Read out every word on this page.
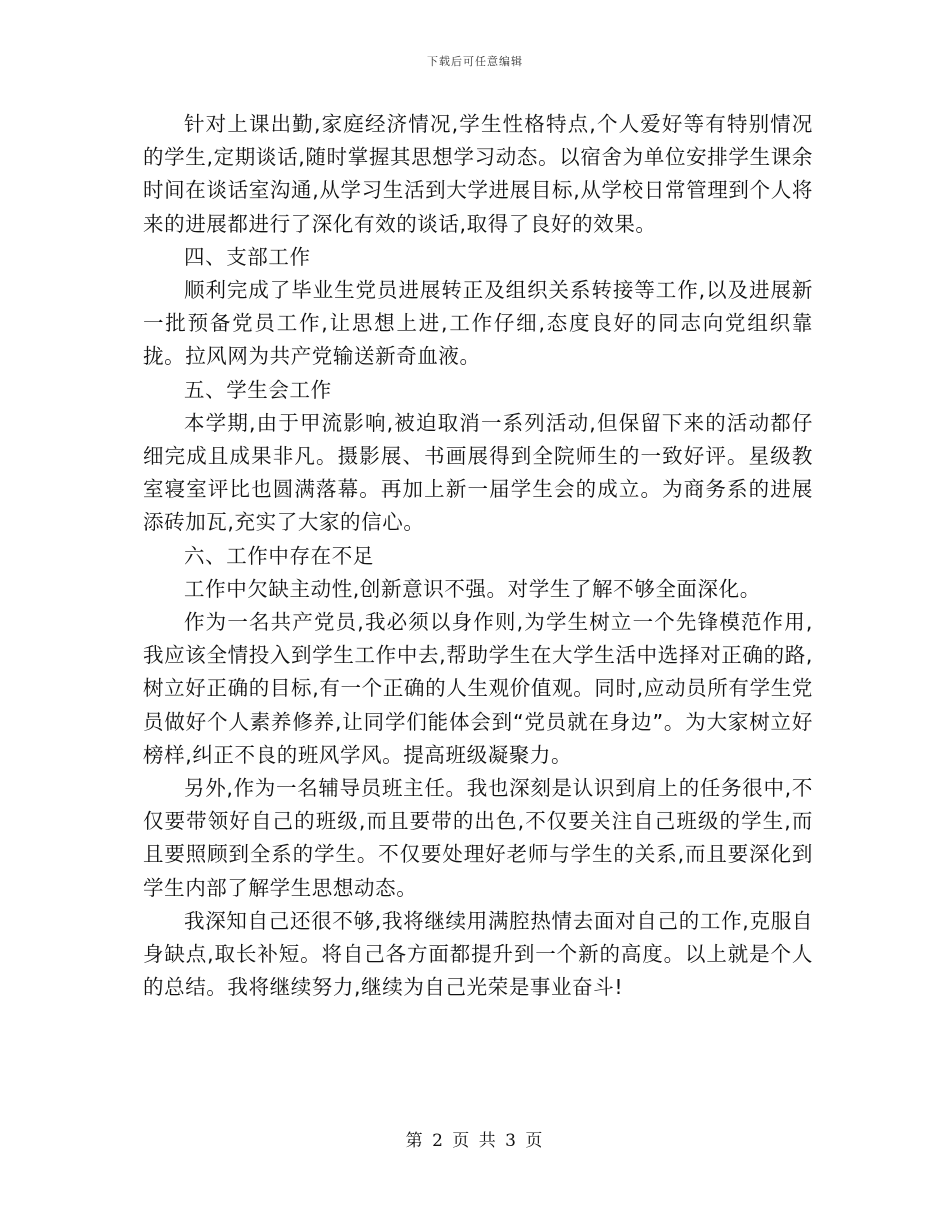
下载后可任意编辑

针对上课出勤,家庭经济情况,学生性格特点,个人爱好等有特别情况的学生,定期谈话,随时掌握其思想学习动态。以宿舍为单位安排学生课余时间在谈话室沟通,从学习生活到大学进展目标,从学校日常管理到个人将来的进展都进行了深化有效的谈话,取得了良好的效果。

四、支部工作

顺利完成了毕业生党员进展转正及组织关系转接等工作,以及进展新一批预备党员工作,让思想上进,工作仔细,态度良好的同志向党组织靠拢。拉风网为共产党输送新奇血液。

五、学生会工作

本学期,由于甲流影响,被迫取消一系列活动,但保留下来的活动都仔细完成且成果非凡。摄影展、书画展得到全院师生的一致好评。星级教室寝室评比也圆满落幕。再加上新一届学生会的成立。为商务系的进展添砖加瓦,充实了大家的信心。

六、工作中存在不足

工作中欠缺主动性,创新意识不强。对学生了解不够全面深化。

作为一名共产党员,我必须以身作则,为学生树立一个先锋模范作用,我应该全情投入到学生工作中去,帮助学生在大学生活中选择对正确的路,树立好正确的目标,有一个正确的人生观价值观。同时,应动员所有学生党员做好个人素养修养,让同学们能体会到“党员就在身边”。为大家树立好榜样,纠正不良的班风学风。提高班级凝聚力。

另外,作为一名辅导员班主任。我也深刻是认识到肩上的任务很中,不仅要带领好自己的班级,而且要带的出色,不仅要关注自己班级的学生,而且要照顾到全系的学生。不仅要处理好老师与学生的关系,而且要深化到学生内部了解学生思想动态。

我深知自己还很不够,我将继续用满腔热情去面对自己的工作,克服自身缺点,取长补短。将自己各方面都提升到一个新的高度。以上就是个人的总结。我将继续努力,继续为自己光荣是事业奋斗!

第 2 页 共 3 页
